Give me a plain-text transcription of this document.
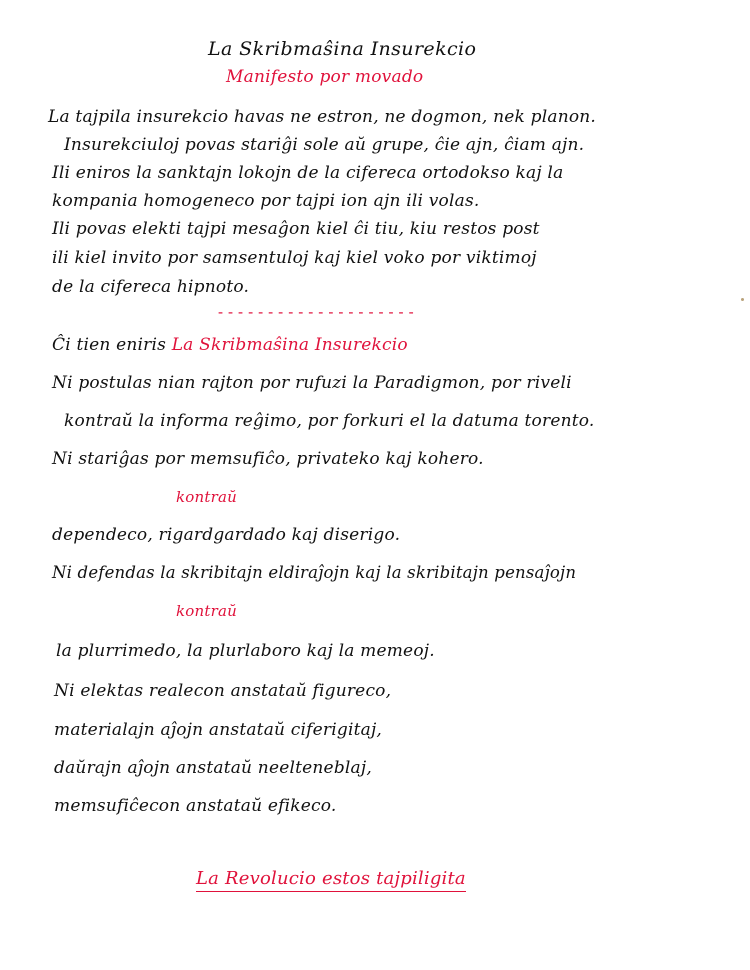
La Skribmaŝina Insurekcio
Manifesto por movado
La tajpila insurekcio havas ne estron, ne dogmon, nek planon.
Insurekciuloj povas stariĝi sole aŭ grupe, ĉie ajn, ĉiam ajn.
Ili eniros la sanktajn lokojn de la cifereca ortodokso kaj la
kompania homogeneco por tajpi ion ajn ili volas.
Ili povas elekti tajpi mesaĝon kiel ĉi tiu, kiu restos post
ili kiel invito por samsentuloj kaj kiel voko por viktimoj
de la cifereca hipnoto.
--------------------
Ĉi tien eniris La Skribmaŝina Insurekcio
Ni postulas nian rajton por rufuzi la Paradigmon, por riveli
kontraŭ la informa reĝimo, por forkuri el la datuma torento.
Ni stariĝas por memsufiĉo, privateko kaj kohero.
kontraŭ
dependeco, rigardgardado kaj diserigo.
Ni defendas la skribitajn eldiraĵojn kaj la skribitajn pensaĵojn
kontraŭ
la plurrimedo, la plurlaboro kaj la memeoj.
Ni elektas realecon anstataŭ figureco,
materialajn aĵojn anstataŭ ciferigitaj,
daŭrajn aĵojn anstataŭ neelteneblaj,
memsufiĉecon anstataŭ efikeco.
La Revolucio estos tajpiligita
